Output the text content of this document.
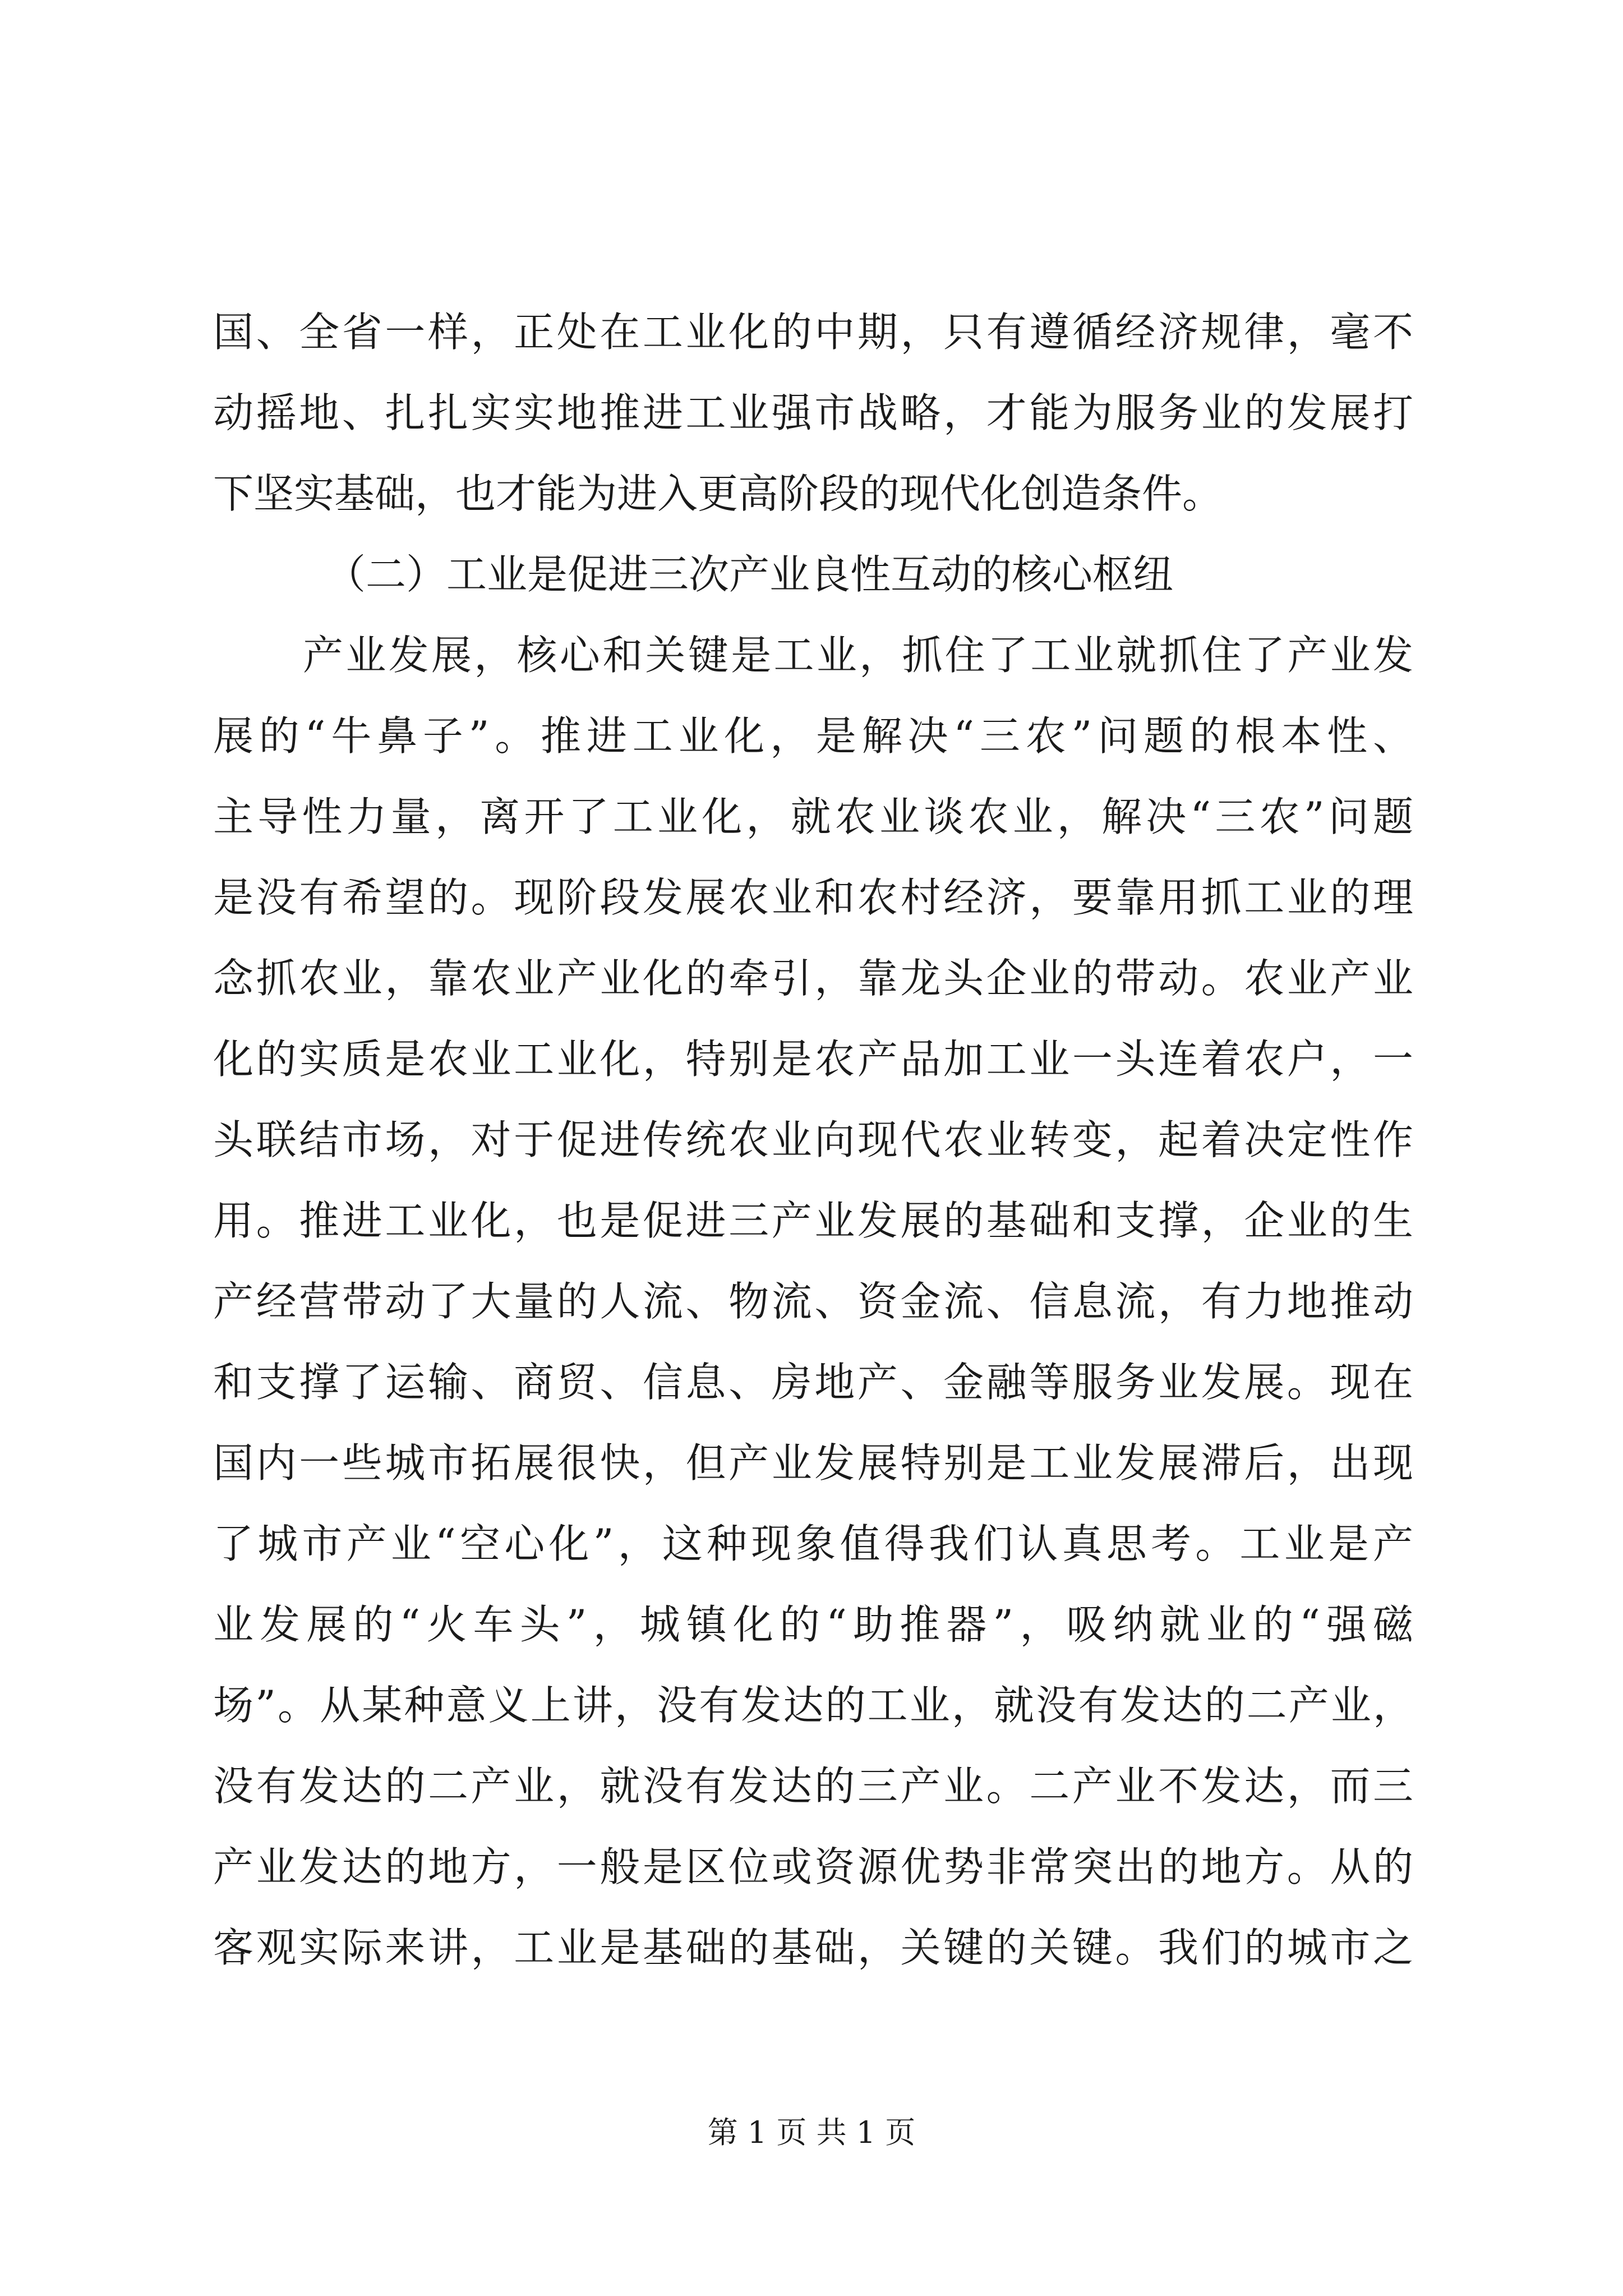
国、全省一样，正处在工业化的中期，只有遵循经济规律，毫不
动摇地、扎扎实实地推进工业强市战略，才能为服务业的发展打
下坚实基础，也才能为进入更高阶段的现代化创造条件。
（二）工业是促进三次产业良性互动的核心枢纽
产业发展，核心和关键是工业，抓住了工业就抓住了产业发
展的“牛鼻子”。推进工业化，是解决“三农”问题的根本性、
主导性力量，离开了工业化，就农业谈农业，解决“三农”问题
是没有希望的。现阶段发展农业和农村经济，要靠用抓工业的理
念抓农业，靠农业产业化的牵引，靠龙头企业的带动。农业产业
化的实质是农业工业化，特别是农产品加工业一头连着农户，一
头联结市场，对于促进传统农业向现代农业转变，起着决定性作
用。推进工业化，也是促进三产业发展的基础和支撑，企业的生
产经营带动了大量的人流、物流、资金流、信息流，有力地推动
和支撑了运输、商贸、信息、房地产、金融等服务业发展。现在
国内一些城市拓展很快，但产业发展特别是工业发展滞后，出现
了城市产业“空心化”，这种现象值得我们认真思考。工业是产
业发展的“火车头”，城镇化的“助推器”，吸纳就业的“强磁
场”。从某种意义上讲，没有发达的工业，就没有发达的二产业，
没有发达的二产业，就没有发达的三产业。二产业不发达，而三
产业发达的地方，一般是区位或资源优势非常突出的地方。从的
客观实际来讲，工业是基础的基础，关键的关键。我们的城市之
第 1 页 共 1 页
